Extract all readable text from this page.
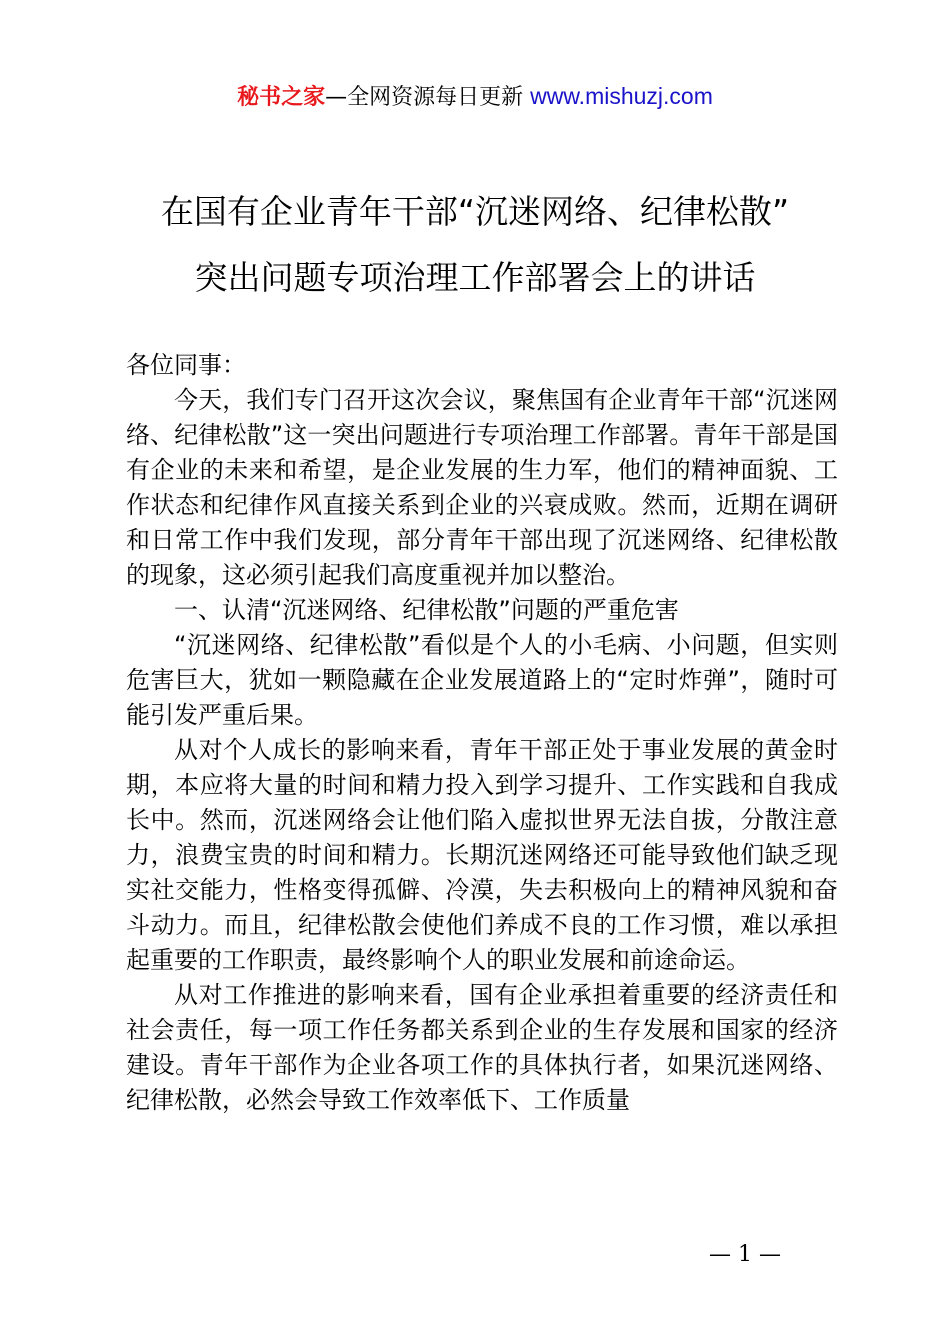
秘书之家—全网资源每日更新 www.mishuzj.com
在国有企业青年干部“沉迷网络、纪律松散”
突出问题专项治理工作部署会上的讲话

各位同事：

今天，我们专门召开这次会议，聚焦国有企业青年干部“沉迷网络、纪律松散”这一突出问题进行专项治理工作部署。青年干部是国有企业的未来和希望，是企业发展的生力军，他们的精神面貌、工作状态和纪律作风直接关系到企业的兴衰成败。然而，近期在调研和日常工作中我们发现，部分青年干部出现了沉迷网络、纪律松散的现象，这必须引起我们高度重视并加以整治。

一、认清“沉迷网络、纪律松散”问题的严重危害

“沉迷网络、纪律松散”看似是个人的小毛病、小问题，但实则危害巨大，犹如一颗隐藏在企业发展道路上的“定时炸弹”，随时可能引发严重后果。

从对个人成长的影响来看，青年干部正处于事业发展的黄金时期，本应将大量的时间和精力投入到学习提升、工作实践和自我成长中。然而，沉迷网络会让他们陷入虚拟世界无法自拔，分散注意力，浪费宝贵的时间和精力。长期沉迷网络还可能导致他们缺乏现实社交能力，性格变得孤僻、冷漠，失去积极向上的精神风貌和奋斗动力。而且，纪律松散会使他们养成不良的工作习惯，难以承担起重要的工作职责，最终影响个人的职业发展和前途命运。

从对工作推进的影响来看，国有企业承担着重要的经济责任和社会责任，每一项工作任务都关系到企业的生存发展和国家的经济建设。青年干部作为企业各项工作的具体执行者，如果沉迷网络、纪律松散，必然会导致工作效率低下、工作质量

— 1 —
